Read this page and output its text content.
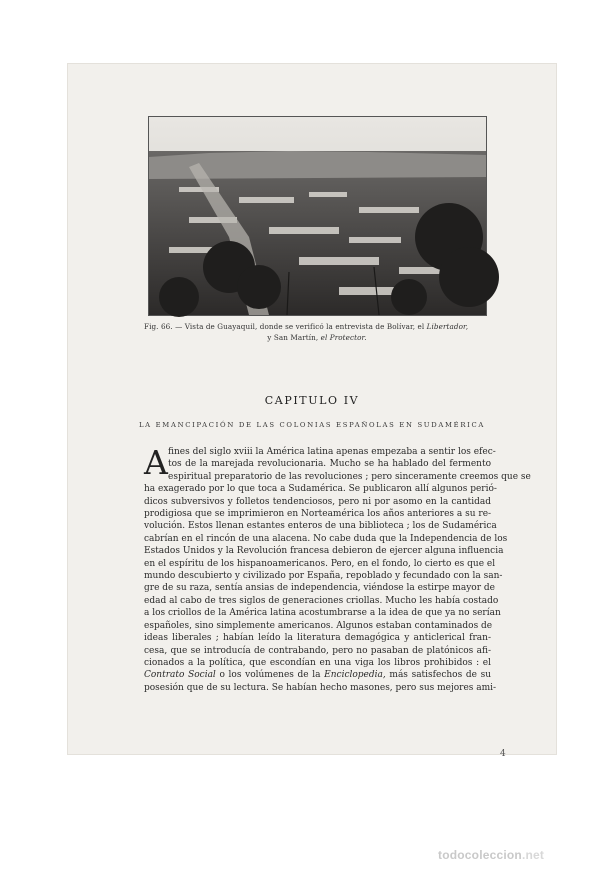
Fig. 66. — Vista de Guayaquil, donde se verificó la entrevista de Bolívar, el Libertador,
y San Martín, el Protector.
CAPITULO IV
LA EMANCIPACIÓN DE LAS COLONIAS ESPAÑOLAS EN SUDAMÉRICA
fines del siglo xviii la América latina apenas empezaba a sentir los efec-
tos de la marejada revolucionaria. Mucho se ha hablado del fermento
espiritual preparatorio de las revoluciones ; pero sinceramente creemos que se
ha exagerado por lo que toca a Sudamérica. Se publicaron allí algunos perió-
dicos subversivos y folletos tendenciosos, pero ni por asomo en la cantidad
prodigiosa que se imprimieron en Norteamérica los años anteriores a su re-
volución. Estos llenan estantes enteros de una biblioteca ; los de Sudamérica
cabrían en el rincón de una alacena. No cabe duda que la Independencia de los
Estados Unidos y la Revolución francesa debieron de ejercer alguna influencia
en el espíritu de los hispanoamericanos. Pero, en el fondo, lo cierto es que el
mundo descubierto y civilizado por España, repoblado y fecundado con la san-
gre de su raza, sentía ansias de independencia, viéndose la estirpe mayor de
edad al cabo de tres siglos de generaciones criollas. Mucho les había costado
a los criollos de la América latina acostumbrarse a la idea de que ya no serían
españoles, sino simplemente americanos. Algunos estaban contaminados de
ideas liberales ; habían leído la literatura demagógica y anticlerical fran-
cesa, que se introducía de contrabando, pero no pasaban de platónicos afi-
cionados a la política, que escondían en una viga los libros prohibidos : el
Contrato Social o los volúmenes de la Enciclopedia, más satisfechos de su
posesión que de su lectura. Se habían hecho masones, pero sus mejores ami-
A
4
todocoleccion.net
